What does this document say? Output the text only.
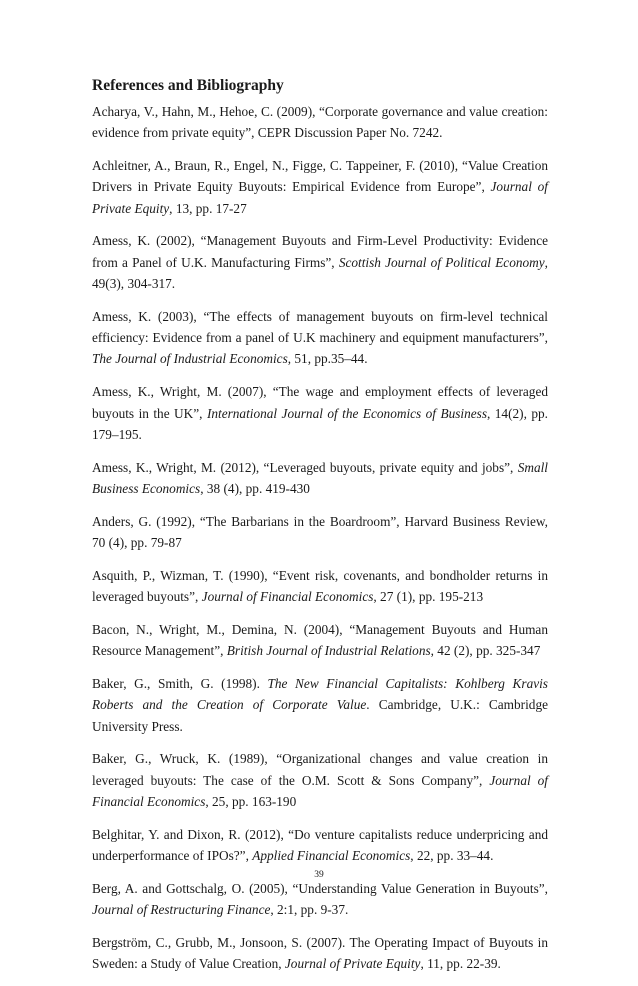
References and Bibliography

Acharya, V., Hahn, M., Hehoe, C. (2009), “Corporate governance and value creation: evidence from private equity”, CEPR Discussion Paper No. 7242.

Achleitner, A., Braun, R., Engel, N., Figge, C. Tappeiner, F. (2010), “Value Creation Drivers in Private Equity Buyouts: Empirical Evidence from Europe”, Journal of Private Equity, 13, pp. 17-27

Amess, K. (2002), “Management Buyouts and Firm-Level Productivity: Evidence from a Panel of U.K. Manufacturing Firms”, Scottish Journal of Political Economy, 49(3), 304-317.

Amess, K. (2003), “The effects of management buyouts on firm-level technical efficiency: Evidence from a panel of U.K machinery and equipment manufacturers”, The Journal of Industrial Economics, 51, pp.35–44.

Amess, K., Wright, M. (2007), “The wage and employment effects of leveraged buyouts in the UK”, International Journal of the Economics of Business, 14(2), pp. 179–195.

Amess, K., Wright, M. (2012), “Leveraged buyouts, private equity and jobs”, Small Business Economics, 38 (4), pp. 419-430

Anders, G. (1992), “The Barbarians in the Boardroom”, Harvard Business Review, 70 (4), pp. 79-87

Asquith, P., Wizman, T. (1990), “Event risk, covenants, and bondholder returns in leveraged buyouts”, Journal of Financial Economics, 27 (1), pp. 195-213

Bacon, N., Wright, M., Demina, N. (2004), “Management Buyouts and Human Resource Management”, British Journal of Industrial Relations, 42 (2), pp. 325-347

Baker, G., Smith, G. (1998). The New Financial Capitalists: Kohlberg Kravis Roberts and the Creation of Corporate Value. Cambridge, U.K.: Cambridge University Press.

Baker, G., Wruck, K. (1989), “Organizational changes and value creation in leveraged buyouts: The case of the O.M. Scott & Sons Company”, Journal of Financial Economics, 25, pp. 163-190

Belghitar, Y. and Dixon, R. (2012), “Do venture capitalists reduce underpricing and underperformance of IPOs?”, Applied Financial Economics, 22, pp. 33–44.

Berg, A. and Gottschalg, O. (2005), “Understanding Value Generation in Buyouts”, Journal of Restructuring Finance, 2:1, pp. 9-37.

Bergström, C., Grubb, M., Jonsoon, S. (2007). The Operating Impact of Buyouts in Sweden: a Study of Value Creation, Journal of Private Equity, 11, pp. 22-39.

39
